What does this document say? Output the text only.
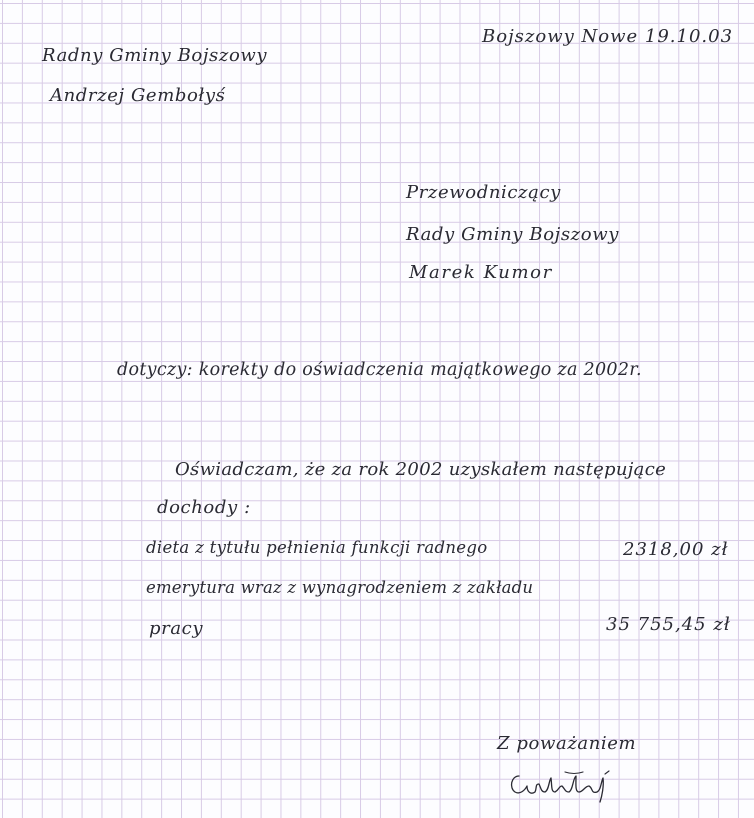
Bojszowy Nowe 19.10.03
Radny Gminy Bojszowy
Andrzej Gembołyś
Przewodniczący
Rady Gminy Bojszowy
Marek Kumor
dotyczy: korekty do oświadczenia majątkowego za 2002r.
Oświadczam, że za rok 2002 uzyskałem następujące
dochody :
dieta z tytułu pełnienia funkcji radnego	2318,00 zł
emerytura wraz z wynagrodzeniem z zakładu
pracy	35 755,45 zł
Z poważaniem
